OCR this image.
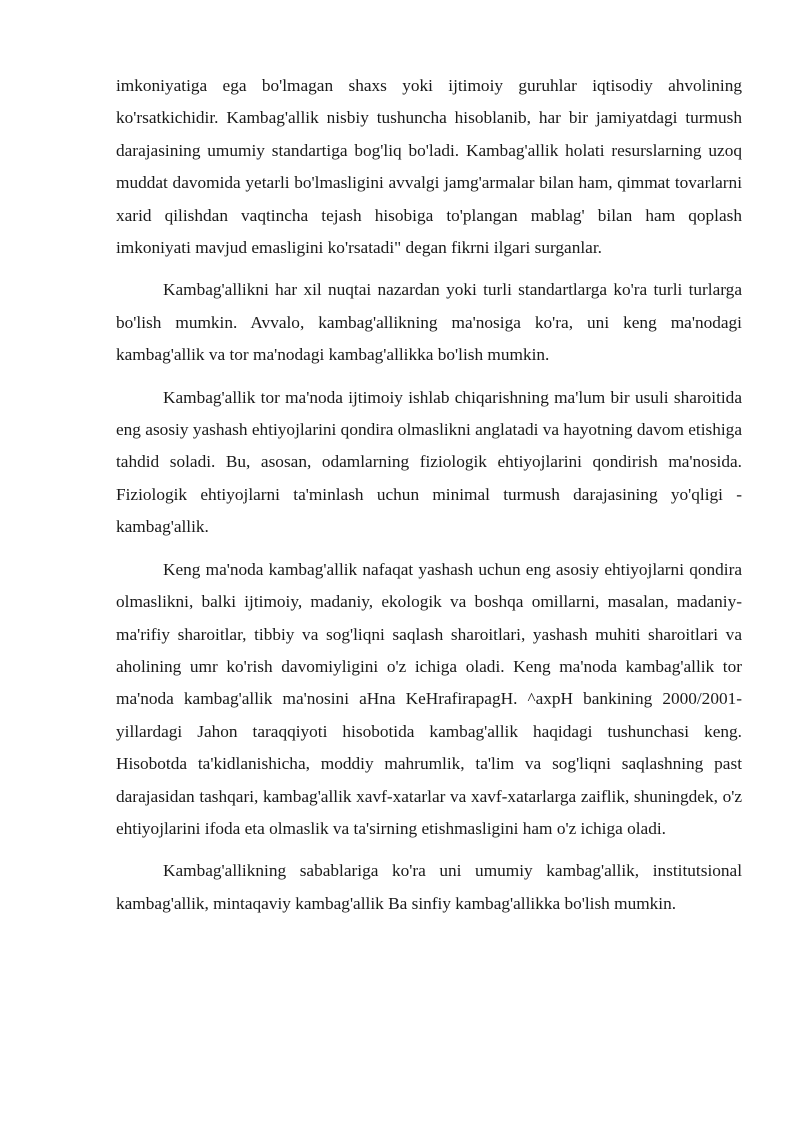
imkoniyatiga ega bo'lmagan shaxs yoki ijtimoiy guruhlar iqtisodiy ahvolining ko'rsatkichidir. Kambag'allik nisbiy tushuncha hisoblanib, har bir jamiyatdagi turmush darajasining umumiy standartiga bog'liq bo'ladi. Kambag'allik holati resurslarning uzoq muddat davomida yetarli bo'lmasligini avvalgi jamg'armalar bilan ham, qimmat tovarlarni xarid qilishdan vaqtincha tejash hisobiga to'plangan mablag' bilan ham qoplash imkoniyati mavjud emasligini ko'rsatadi" degan fikrni ilgari surganlar.

Kambag'allikni har xil nuqtai nazardan yoki turli standartlarga ko'ra turli turlarga bo'lish mumkin. Avvalo, kambag'allikning ma'nosiga ko'ra, uni keng ma'nodagi kambag'allik va tor ma'nodagi kambag'allikka bo'lish mumkin.

Kambag'allik tor ma'noda ijtimoiy ishlab chiqarishning ma'lum bir usuli sharoitida eng asosiy yashash ehtiyojlarini qondira olmaslikni anglatadi va hayotning davom etishiga tahdid soladi. Bu, asosan, odamlarning fiziologik ehtiyojlarini qondirish ma'nosida. Fiziologik ehtiyojlarni ta'minlash uchun minimal turmush darajasining yo'qligi - kambag'allik.

Keng ma'noda kambag'allik nafaqat yashash uchun eng asosiy ehtiyojlarni qondira olmaslikni, balki ijtimoiy, madaniy, ekologik va boshqa omillarni, masalan, madaniy-ma'rifiy sharoitlar, tibbiy va sog'liqni saqlash sharoitlari, yashash muhiti sharoitlari va aholining umr ko'rish davomiyligini o'z ichiga oladi. Keng ma'noda kambag'allik tor ma'noda kambag'allik ma'nosini aHna KeHrafirapagH. ^axpH bankining 2000/2001-yillardagi Jahon taraqqiyoti hisobotida kambag'allik haqidagi tushunchasi keng. Hisobotda ta'kidlanishicha, moddiy mahrumlik, ta'lim va sog'liqni saqlashning past darajasidan tashqari, kambag'allik xavf-xatarlar va xavf-xatarlarga zaiflik, shuningdek, o'z ehtiyojlarini ifoda eta olmaslik va ta'sirning etishmasligini ham o'z ichiga oladi.

Kambag'allikning sabablariga ko'ra uni umumiy kambag'allik, institutsional kambag'allik, mintaqaviy kambag'allik Ba sinfiy kambag'allikka bo'lish mumkin.
